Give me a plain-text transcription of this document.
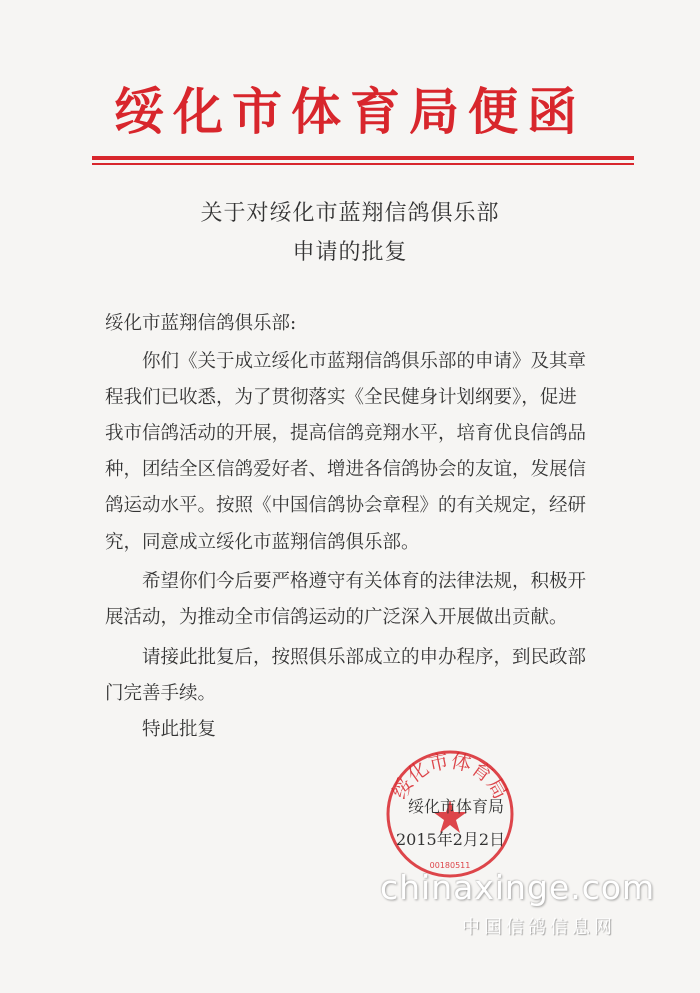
绥化市体育局便函
关于对绥化市蓝翔信鸽俱乐部
申请的批复
绥化市蓝翔信鸽俱乐部:
你们《关于成立绥化市蓝翔信鸽俱乐部的申请》及其章
程我们已收悉，为了贯彻落实《全民健身计划纲要》，促进
我市信鸽活动的开展，提高信鸽竞翔水平，培育优良信鸽品
种，团结全区信鸽爱好者、增进各信鸽协会的友谊，发展信
鸽运动水平。按照《中国信鸽协会章程》的有关规定，经研
究，同意成立绥化市蓝翔信鸽俱乐部。
希望你们今后要严格遵守有关体育的法律法规，积极开
展活动，为推动全市信鸽运动的广泛深入开展做出贡献。
请接此批复后，按照俱乐部成立的申办程序，到民政部
门完善手续。
特此批复
绥化市体育局
00180511
绥化市体育局
2015年2月2日
chinaxinge.com
中国信鸽信息网
